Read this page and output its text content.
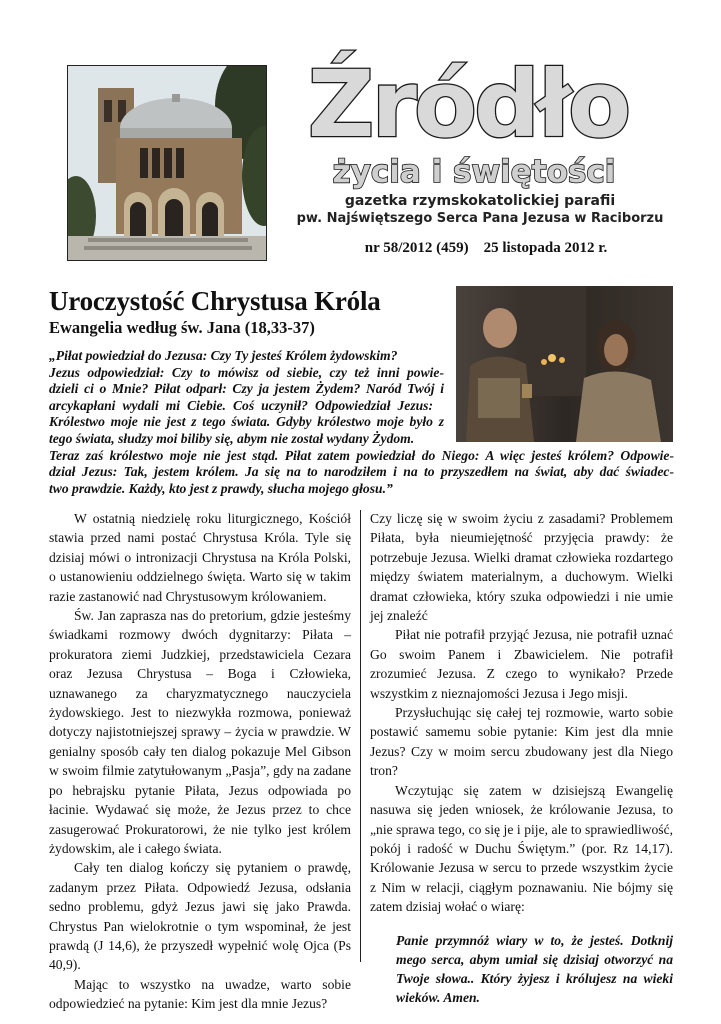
Źródło
życia i świętości
gazetka rzymskokatolickiej parafii
pw. Najświętszego Serca Pana Jezusa w Raciborzu
nr 58/2012 (459)    25 listopada 2012 r.
Uroczystość Chrystusa Króla
Ewangelia według św. Jana (18,33-37)
„Piłat powiedział do Jezusa: Czy Ty jesteś Królem żydowskim?
Jezus odpowiedział: Czy to mówisz od siebie, czy też inni powie-
dzieli ci o Mnie? Piłat odparł: Czy ja jestem Żydem? Naród Twój i
arcykapłani wydali mi Ciebie. Coś uczynił? Odpowiedział Jezus:
Królestwo moje nie jest z tego świata. Gdyby królestwo moje było z
tego świata, słudzy moi biliby się, abym nie został wydany Żydom.
Teraz zaś królestwo moje nie jest stąd. Piłat zatem powiedział do Niego: A więc jesteś królem? Odpowie-
dział Jezus: Tak, jestem królem. Ja się na to narodziłem i na to przyszedłem na świat, aby dać świadec-
two prawdzie. Każdy, kto jest z prawdy, słucha mojego głosu.”

W ostatnią niedzielę roku liturgicznego, Kościół stawia przed nami postać Chrystusa Króla. Tyle się dzisiaj mówi o intronizacji Chrystusa na Króla Polski, o ustanowieniu oddzielnego święta. Warto się w takim razie zastanowić nad Chrystusowym królowaniem.

Św. Jan zaprasza nas do pretorium, gdzie jesteśmy świadkami rozmowy dwóch dygnitarzy: Piłata – prokuratora ziemi Judzkiej, przedstawiciela Cezara oraz Jezusa Chrystusa – Boga i Człowieka, uznawanego za charyzmatycznego nauczyciela żydowskiego. Jest to niezwykła rozmowa, ponieważ dotyczy najistotniejszej sprawy – życia w prawdzie. W genialny sposób cały ten dialog pokazuje Mel Gibson w swoim filmie zatytułowanym „Pasja”, gdy na zadane po hebrajsku pytanie Piłata, Jezus odpowiada po łacinie. Wydawać się może, że Jezus przez to chce zasugerować Prokuratorowi, że nie tylko jest królem żydowskim, ale i całego świata.

Cały ten dialog kończy się pytaniem o prawdę, zadanym przez Piłata. Odpowiedź Jezusa, odsłania sedno problemu, gdyż Jezus jawi się jako Prawda. Chrystus Pan wielokrotnie o tym wspominał, że jest prawdą (J 14,6), że przyszedł wypełnić wolę Ojca (Ps 40,9).

Mając to wszystko na uwadze, warto sobie odpowiedzieć na pytanie: Kim jest dla mnie Jezus?

Czy liczę się w swoim życiu z zasadami? Problemem Piłata, była nieumiejętność przyjęcia prawdy: że potrzebuje Jezusa. Wielki dramat człowieka rozdartego między światem materialnym, a duchowym. Wielki dramat człowieka, który szuka odpowiedzi i nie umie jej znaleźć

Piłat nie potrafił przyjąć Jezusa, nie potrafił uznać Go swoim Panem i Zbawicielem. Nie potrafił zrozumieć Jezusa. Z czego to wynikało? Przede wszystkim z nieznajomości Jezusa i Jego misji.

Przysłuchując się całej tej rozmowie, warto sobie postawić samemu sobie pytanie: Kim jest dla mnie Jezus? Czy w moim sercu zbudowany jest dla Niego tron?

Wczytując się zatem w dzisiejszą Ewangelię nasuwa się jeden wniosek, że królowanie Jezusa, to „nie sprawa tego, co się je i pije, ale to sprawiedliwość, pokój i radość w Duchu Świętym.” (por. Rz 14,17). Królowanie Jezusa w sercu to przede wszystkim życie z Nim w relacji, ciągłym poznawaniu. Nie bójmy się zatem dzisiaj wołać o wiarę:

Panie przymnóż wiary w to, że jesteś. Dotknij mego serca, abym umiał się dzisiaj otworzyć na Twoje słowa.. Który żyjesz i królujesz na wieki wieków. Amen.
